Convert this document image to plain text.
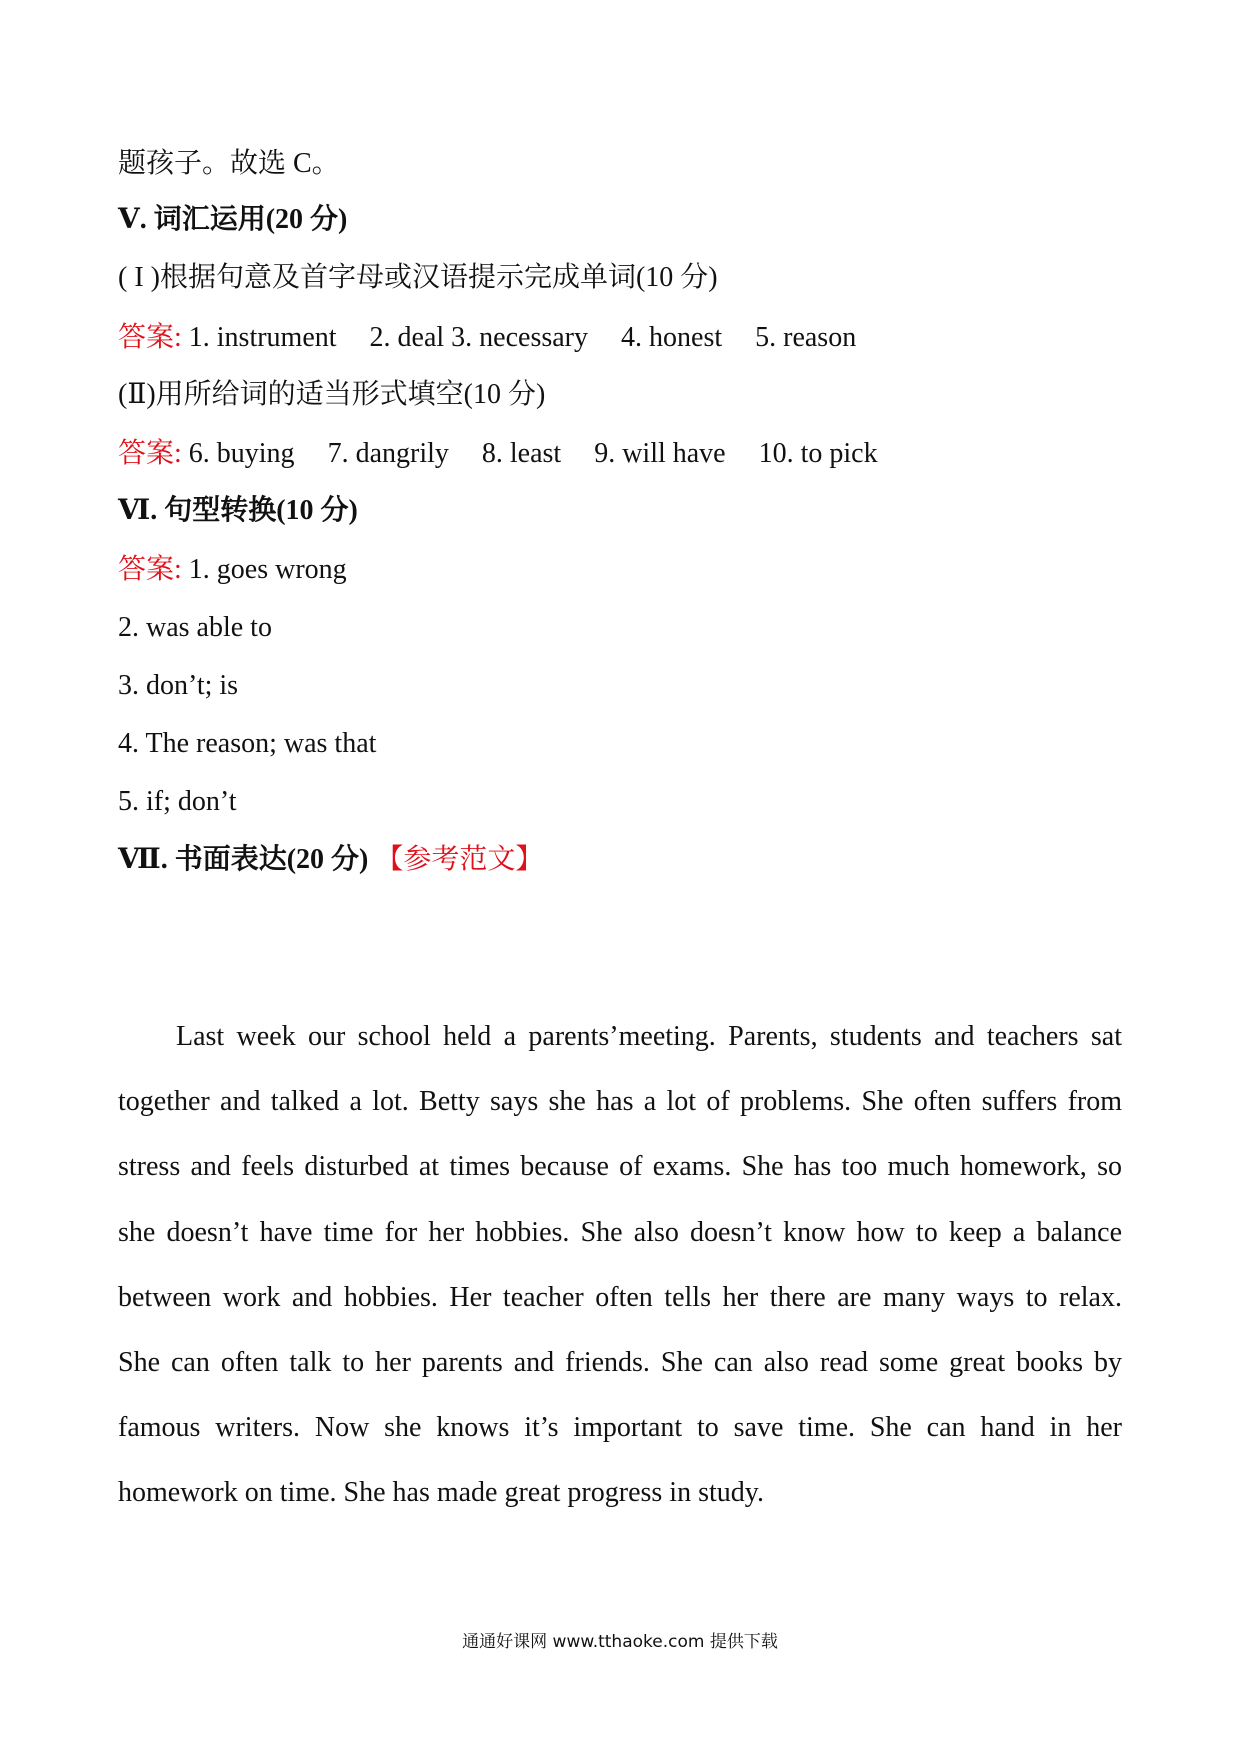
题孩子。故选 C。
Ⅴ. 词汇运用(20 分)
( I )根据句意及首字母或汉语提示完成单词(10 分)
答案: 1. instrument 2. deal 3. necessary 4. honest 5. reason
(Ⅱ)用所给词的适当形式填空(10 分)
答案: 6. buying 7. dangrily 8. least 9. will have 10. to pick
Ⅵ. 句型转换(10 分)
答案: 1. goes wrong
2. was able to
3. don’t; is
4. The reason; was that
5. if; don’t
Ⅶ. 书面表达(20 分) 【参考范文】
Last week our school held a parents’meeting. Parents, students and teachers sat
together and talked a lot. Betty says she has a lot of problems. She often suffers from
stress and feels disturbed at times because of exams. She has too much homework, so
she doesn’t have time for her hobbies. She also doesn’t know how to keep a balance
between work and hobbies. Her teacher often tells her there are many ways to relax.
She can often talk to her parents and friends. She can also read some great books by
famous writers. Now she knows it’s important to save time. She can hand in her
homework on time. She has made great progress in study.
通通好课网 www.tthaoke.com 提供下载
